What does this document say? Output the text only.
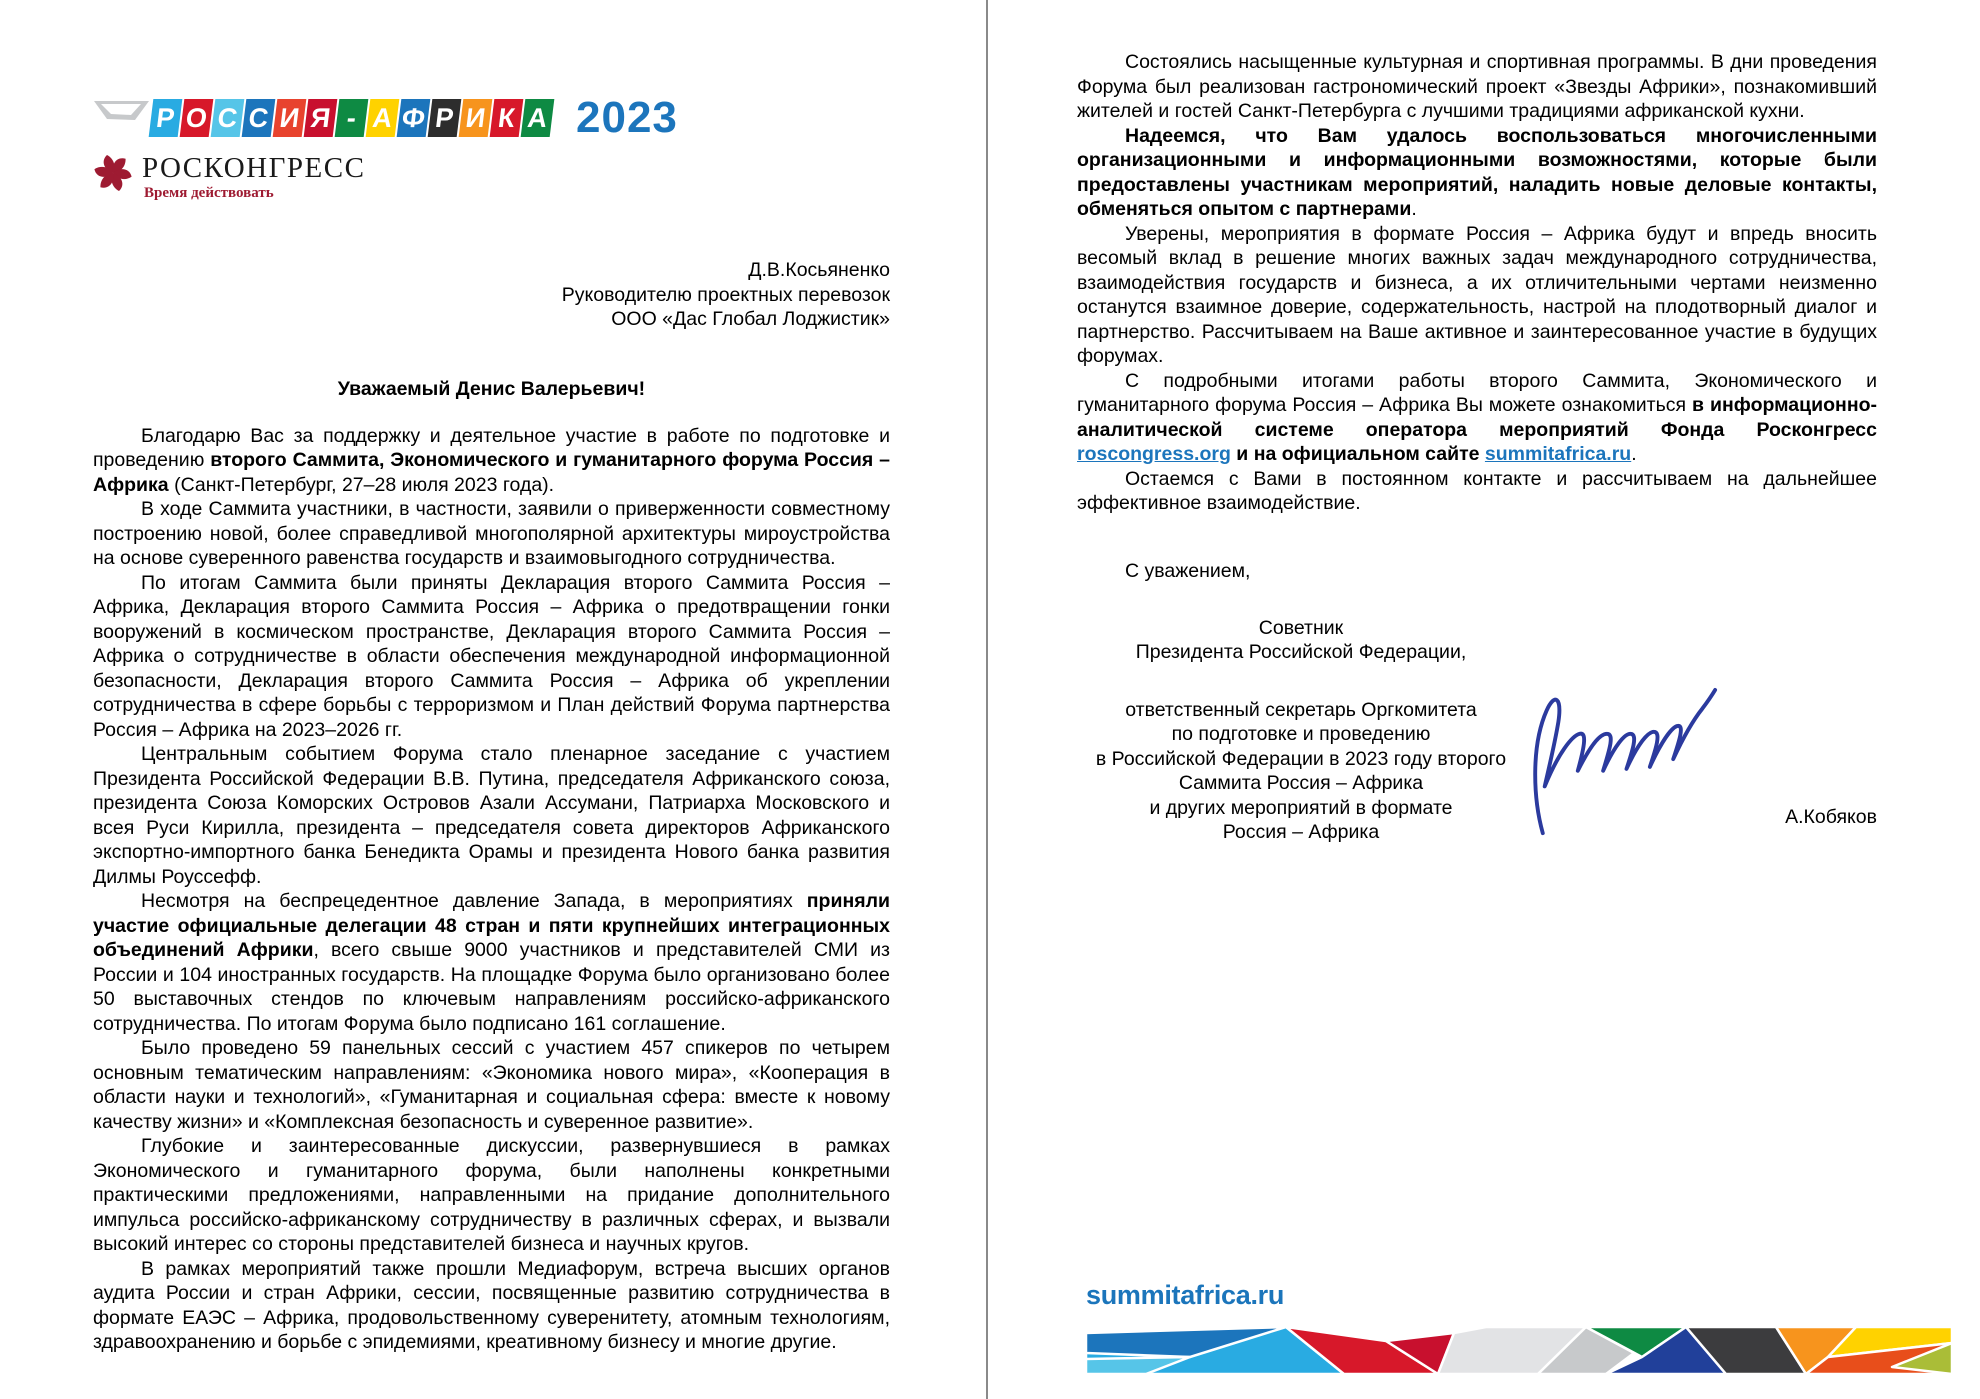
Р О С С И Я - А Ф Р И К А 2023
РОСКОНГРЕСС
Время действовать
Д.В.Косьяненко
Руководителю проектных перевозок
ООО «Дас Глобал Лоджистик»
Уважаемый Денис Валерьевич!

Благодарю Вас за поддержку и деятельное участие в работе по подготовке и проведению второго Саммита, Экономического и гуманитарного форума Россия – Африка (Санкт-Петербург, 27–28 июля 2023 года).

В ходе Саммита участники, в частности, заявили о приверженности совместному построению новой, более справедливой многополярной архитектуры мироустройства на основе суверенного равенства государств и взаимовыгодного сотрудничества.

По итогам Саммита были приняты Декларация второго Саммита Россия – Африка, Декларация второго Саммита Россия – Африка о предотвращении гонки вооружений в космическом пространстве, Декларация второго Саммита Россия – Африка о сотрудничестве в области обеспечения международной информационной безопасности, Декларация второго Саммита Россия – Африка об укреплении сотрудничества в сфере борьбы с терроризмом и План действий Форума партнерства Россия – Африка на 2023–2026 гг.

Центральным событием Форума стало пленарное заседание с участием Президента Российской Федерации В.В. Путина, председателя Африканского союза, президента Союза Коморских Островов Азали Ассумани, Патриарха Московского и всея Руси Кирилла, президента – председателя совета директоров Африканского экспортно-импортного банка Бенедикта Орамы и президента Нового банка развития Дилмы Роуссефф.

Несмотря на беспрецедентное давление Запада, в мероприятиях приняли участие официальные делегации 48 стран и пяти крупнейших интеграционных объединений Африки, всего свыше 9000 участников и представителей СМИ из России и 104 иностранных государств. На площадке Форума было организовано более 50 выставочных стендов по ключевым направлениям российско-африканского сотрудничества. По итогам Форума было подписано 161 соглашение.

Было проведено 59 панельных сессий с участием 457 спикеров по четырем основным тематическим направлениям: «Экономика нового мира», «Кооперация в области науки и технологий», «Гуманитарная и социальная сфера: вместе к новому качеству жизни» и «Комплексная безопасность и суверенное развитие».

Глубокие и заинтересованные дискуссии, развернувшиеся в рамках Экономического и гуманитарного форума, были наполнены конкретными практическими предложениями, направленными на придание дополнительного импульса российско-африканскому сотрудничеству в различных сферах, и вызвали высокий интерес со стороны представителей бизнеса и научных кругов.

В рамках мероприятий также прошли Медиафорум, встреча высших органов аудита России и стран Африки, сессии, посвященные развитию сотрудничества в формате ЕАЭС – Африка, продовольственному суверенитету, атомным технологиям, здравоохранению и борьбе с эпидемиями, креативному бизнесу и многие другие.

Состоялись насыщенные культурная и спортивная программы. В дни проведения Форума был реализован гастрономический проект «Звезды Африки», познакомивший жителей и гостей Санкт-Петербурга с лучшими традициями африканской кухни.

Надеемся, что Вам удалось воспользоваться многочисленными организационными и информационными возможностями, которые были предоставлены участникам мероприятий, наладить новые деловые контакты, обменяться опытом с партнерами.

Уверены, мероприятия в формате Россия – Африка будут и впредь вносить весомый вклад в решение многих важных задач международного сотрудничества, взаимодействия государств и бизнеса, а их отличительными чертами неизменно останутся взаимное доверие, содержательность, настрой на плодотворный диалог и партнерство. Рассчитываем на Ваше активное и заинтересованное участие в будущих форумах.

С подробными итогами работы второго Саммита, Экономического и гуманитарного форума Россия – Африка Вы можете ознакомиться в информационно-аналитической системе оператора мероприятий Фонда Росконгресс roscongress.org и на официальном сайте summitafrica.ru.

Остаемся с Вами в постоянном контакте и рассчитываем на дальнейшее эффективное взаимодействие.

С уважением,
Советник
Президента Российской Федерации,
ответственный секретарь Оргкомитета
по подготовке и проведению
в Российской Федерации в 2023 году второго
Саммита Россия – Африка
и других мероприятий в формате
Россия – Африка
А.Кобяков
summitafrica.ru
